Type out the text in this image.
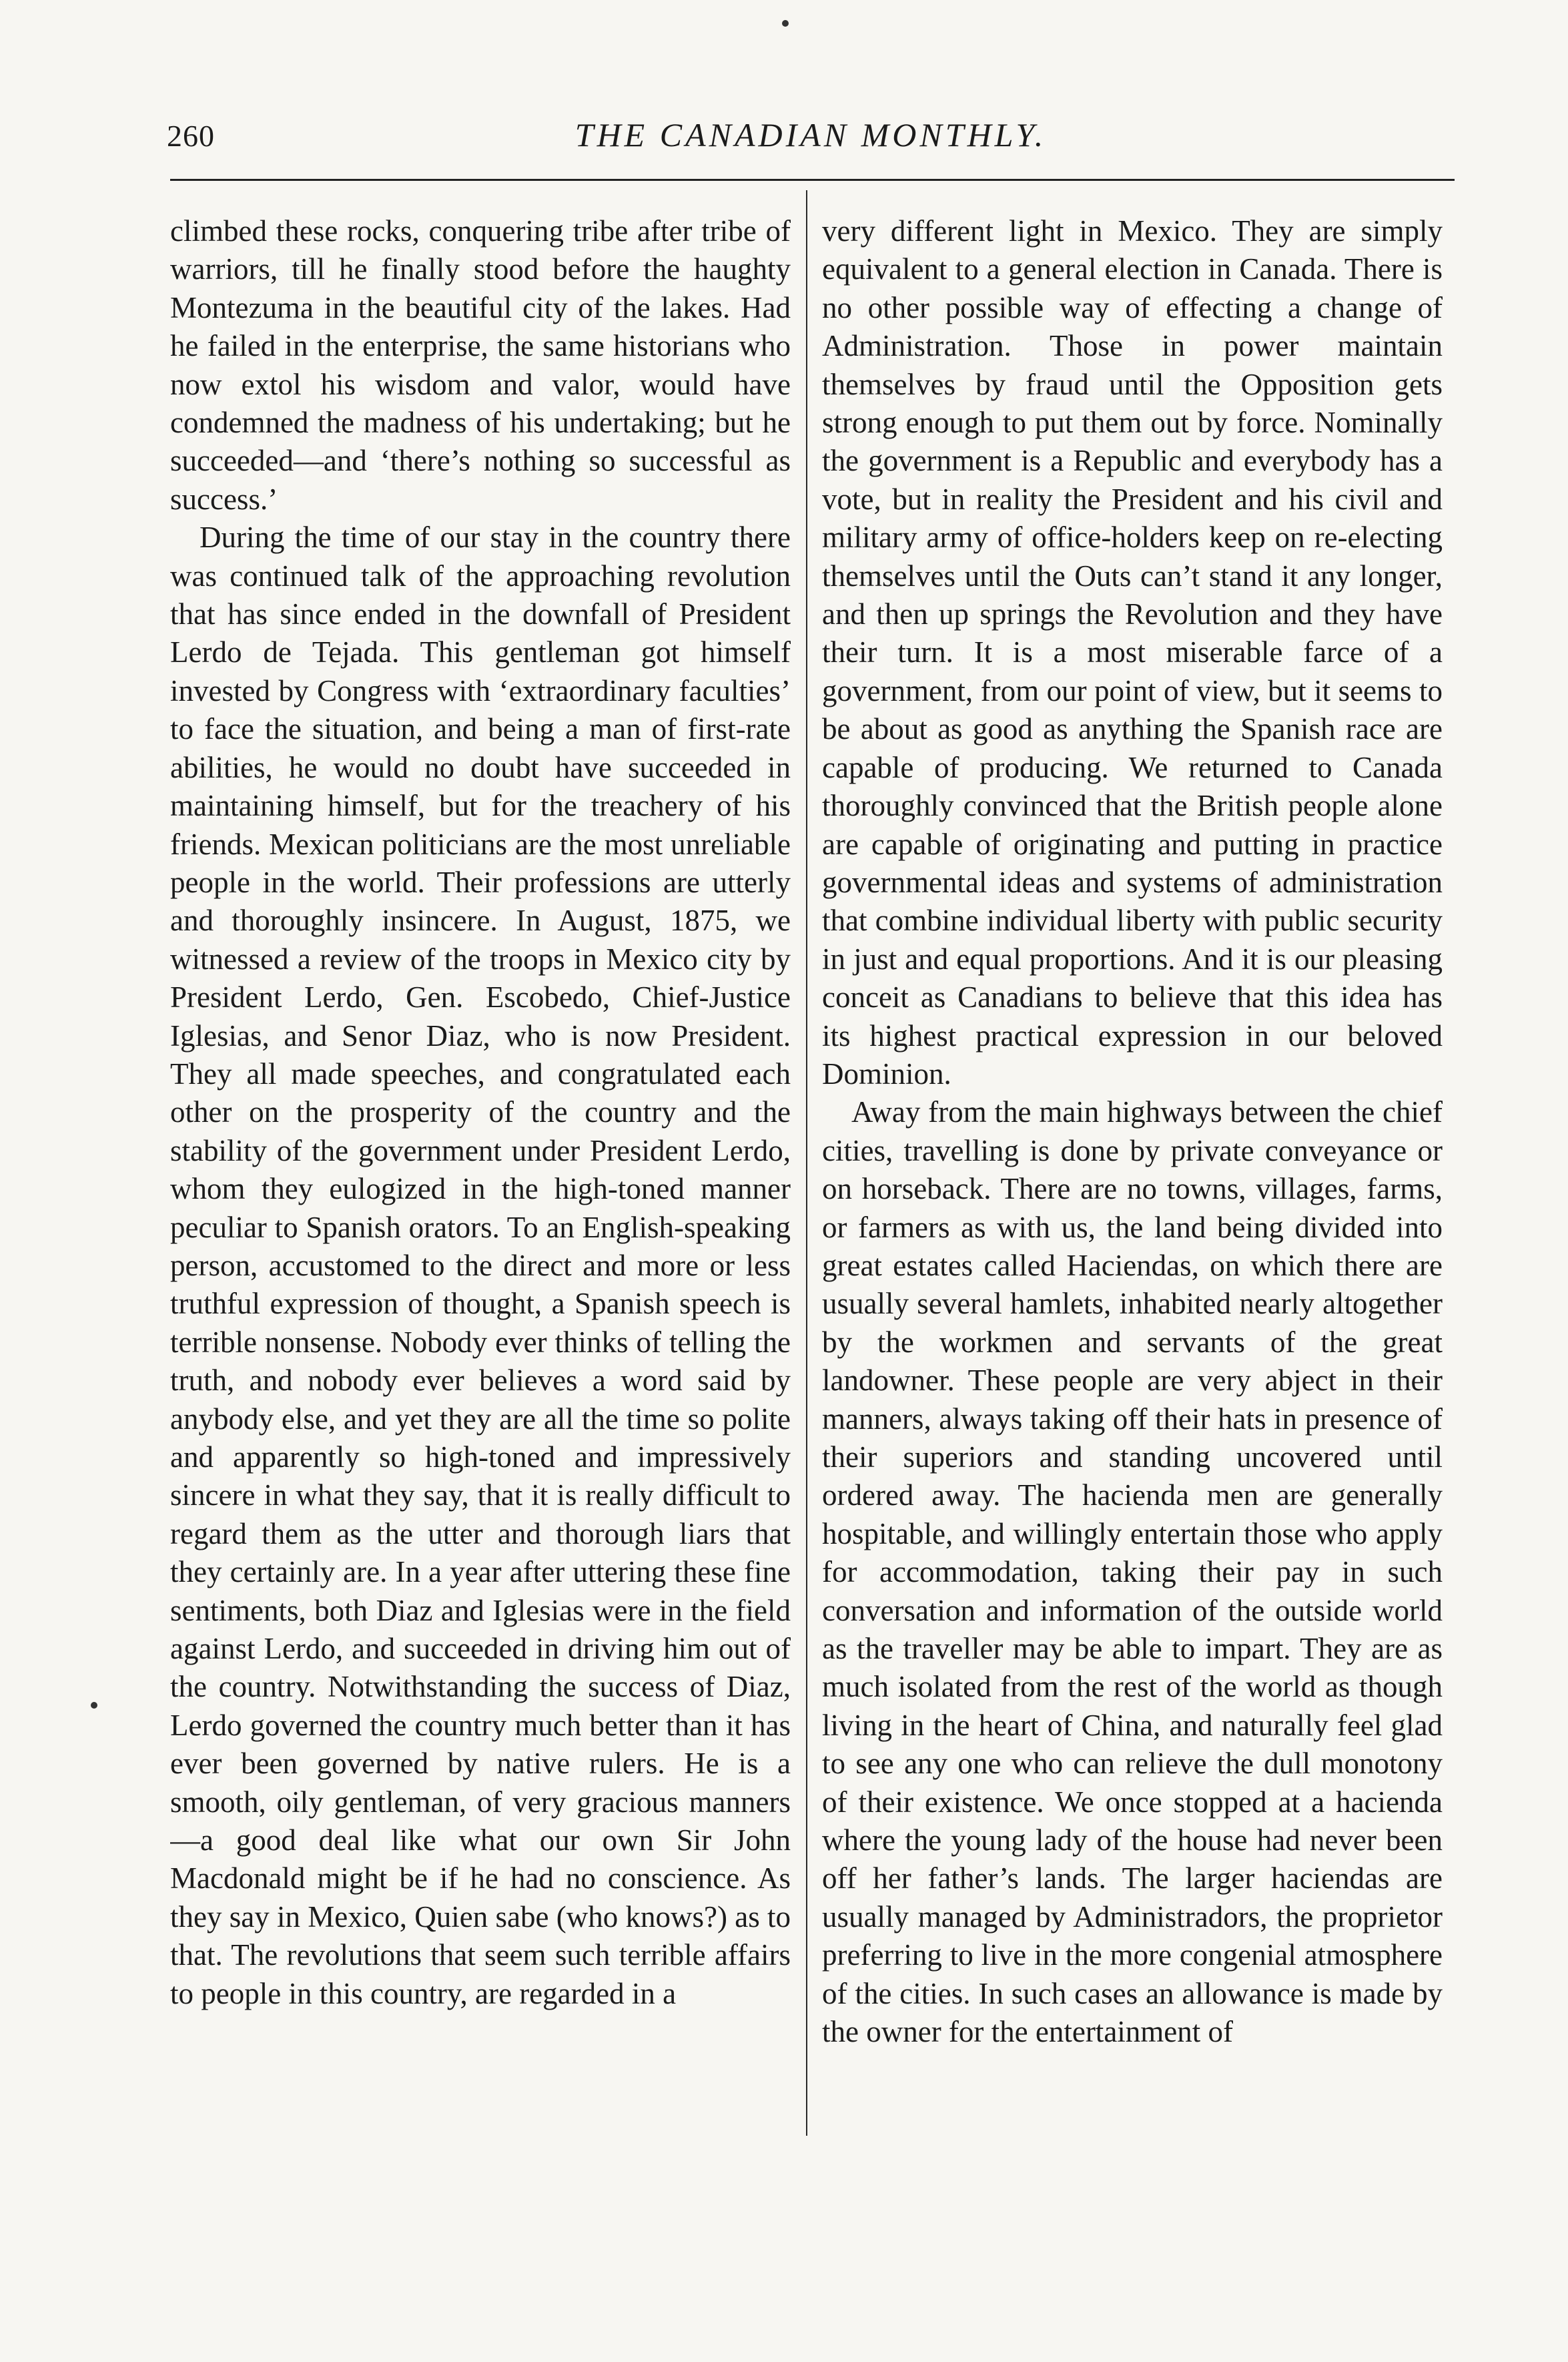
260	THE CANADIAN MONTHLY.

climbed these rocks, conquering tribe after tribe of warriors, till he finally stood before the haughty Montezuma in the beautiful city of the lakes. Had he failed in the enterprise, the same historians who now extol his wisdom and valor, would have condemned the madness of his undertaking; but he succeeded—and ‘there’s nothing so successful as success.’

During the time of our stay in the country there was continued talk of the approaching revolution that has since ended in the downfall of President Lerdo de Tejada. This gentleman got himself invested by Congress with ‘extraordinary faculties’ to face the situation, and being a man of first-rate abilities, he would no doubt have succeeded in maintaining himself, but for the treachery of his friends. Mexican politicians are the most unreliable people in the world. Their professions are utterly and thoroughly insincere. In August, 1875, we witnessed a review of the troops in Mexico city by President Lerdo, Gen. Escobedo, Chief-Justice Iglesias, and Senor Diaz, who is now President. They all made speeches, and congratulated each other on the prosperity of the country and the stability of the government under President Lerdo, whom they eulogized in the high-toned manner peculiar to Spanish orators. To an English-speaking person, accustomed to the direct and more or less truthful expression of thought, a Spanish speech is terrible nonsense. Nobody ever thinks of telling the truth, and nobody ever believes a word said by anybody else, and yet they are all the time so polite and apparently so high-toned and impressively sincere in what they say, that it is really difficult to regard them as the utter and thorough liars that they certainly are. In a year after uttering these fine sentiments, both Diaz and Iglesias were in the field against Lerdo, and succeeded in driving him out of the country. Notwithstanding the success of Diaz, Lerdo governed the country much better than it has ever been governed by native rulers. He is a smooth, oily gentleman, of very gracious manners—a good deal like what our own Sir John Macdonald might be if he had no conscience. As they say in Mexico, Quien sabe (who knows?) as to that. The revolutions that seem such terrible affairs to people in this country, are regarded in a

very different light in Mexico. They are simply equivalent to a general election in Canada. There is no other possible way of effecting a change of Administration. Those in power maintain themselves by fraud until the Opposition gets strong enough to put them out by force. Nominally the government is a Republic and everybody has a vote, but in reality the President and his civil and military army of office-holders keep on re-electing themselves until the Outs can’t stand it any longer, and then up springs the Revolution and they have their turn. It is a most miserable farce of a government, from our point of view, but it seems to be about as good as anything the Spanish race are capable of producing. We returned to Canada thoroughly convinced that the British people alone are capable of originating and putting in practice governmental ideas and systems of administration that combine individual liberty with public security in just and equal proportions. And it is our pleasing conceit as Canadians to believe that this idea has its highest practical expression in our beloved Dominion.

Away from the main highways between the chief cities, travelling is done by private conveyance or on horseback. There are no towns, villages, farms, or farmers as with us, the land being divided into great estates called Haciendas, on which there are usually several hamlets, inhabited nearly altogether by the workmen and servants of the great landowner. These people are very abject in their manners, always taking off their hats in presence of their superiors and standing uncovered until ordered away. The hacienda men are generally hospitable, and willingly entertain those who apply for accommodation, taking their pay in such conversation and information of the outside world as the traveller may be able to impart. They are as much isolated from the rest of the world as though living in the heart of China, and naturally feel glad to see any one who can relieve the dull monotony of their existence. We once stopped at a hacienda where the young lady of the house had never been off her father’s lands. The larger haciendas are usually managed by Administradors, the proprietor preferring to live in the more congenial atmosphere of the cities. In such cases an allowance is made by the owner for the entertainment of
